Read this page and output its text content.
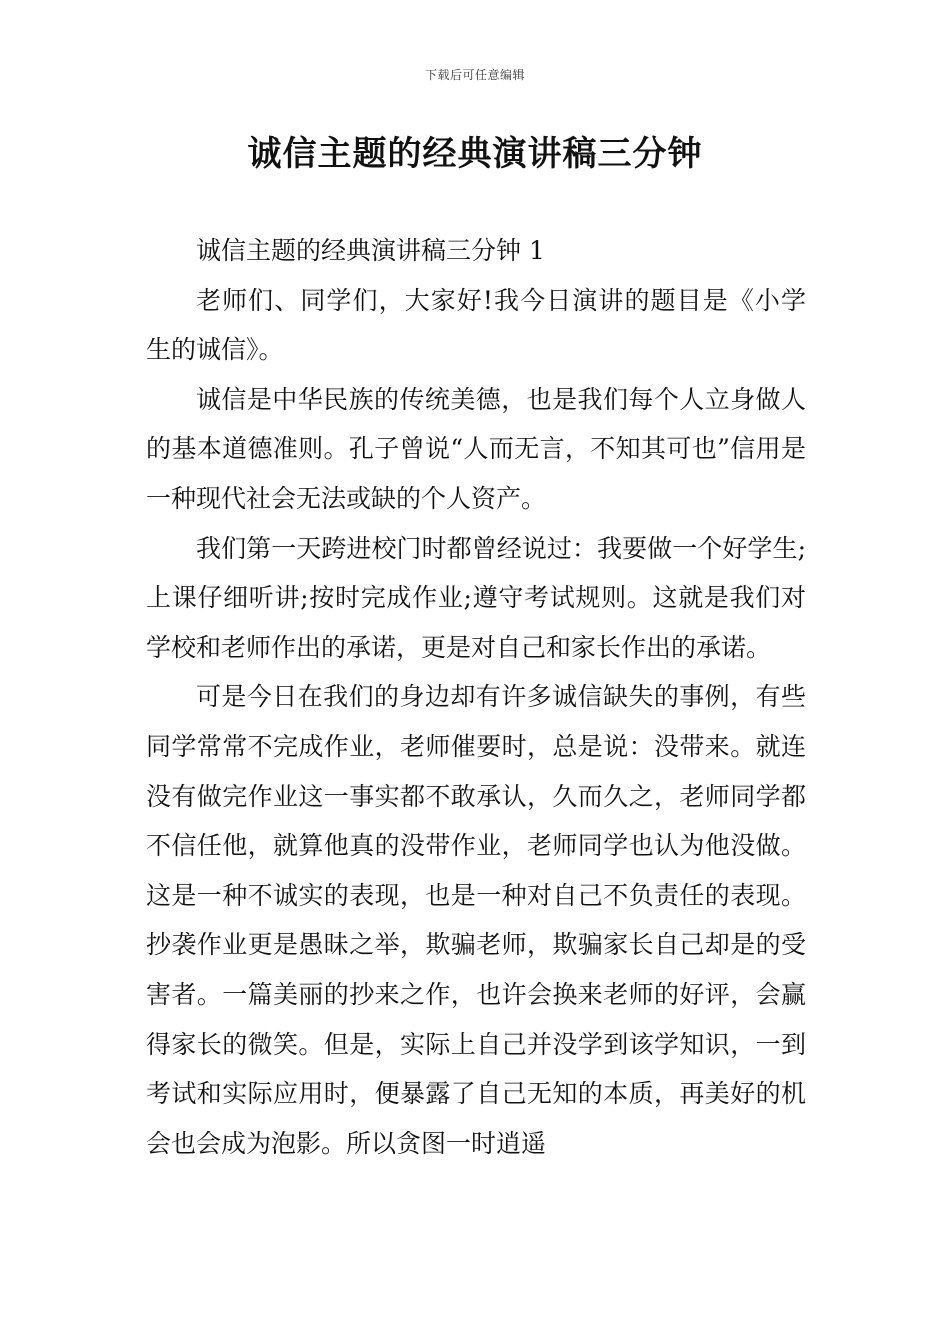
下载后可任意编辑
诚信主题的经典演讲稿三分钟

诚信主题的经典演讲稿三分钟 1

老师们、同学们，大家好!我今日演讲的题目是《小学生的诚信》。

诚信是中华民族的传统美德，也是我们每个人立身做人的基本道德准则。孔子曾说“人而无言，不知其可也”信用是一种现代社会无法或缺的个人资产。

我们第一天跨进校门时都曾经说过：我要做一个好学生;上课仔细听讲;按时完成作业;遵守考试规则。这就是我们对学校和老师作出的承诺，更是对自己和家长作出的承诺。

可是今日在我们的身边却有许多诚信缺失的事例，有些同学常常不完成作业，老师催要时，总是说：没带来。就连没有做完作业这一事实都不敢承认，久而久之，老师同学都不信任他，就算他真的没带作业，老师同学也认为他没做。这是一种不诚实的表现，也是一种对自己不负责任的表现。抄袭作业更是愚昧之举，欺骗老师，欺骗家长自己却是的受害者。一篇美丽的抄来之作，也许会换来老师的好评，会赢得家长的微笑。但是，实际上自己并没学到该学知识，一到考试和实际应用时，便暴露了自己无知的本质，再美好的机会也会成为泡影。所以贪图一时逍遥
